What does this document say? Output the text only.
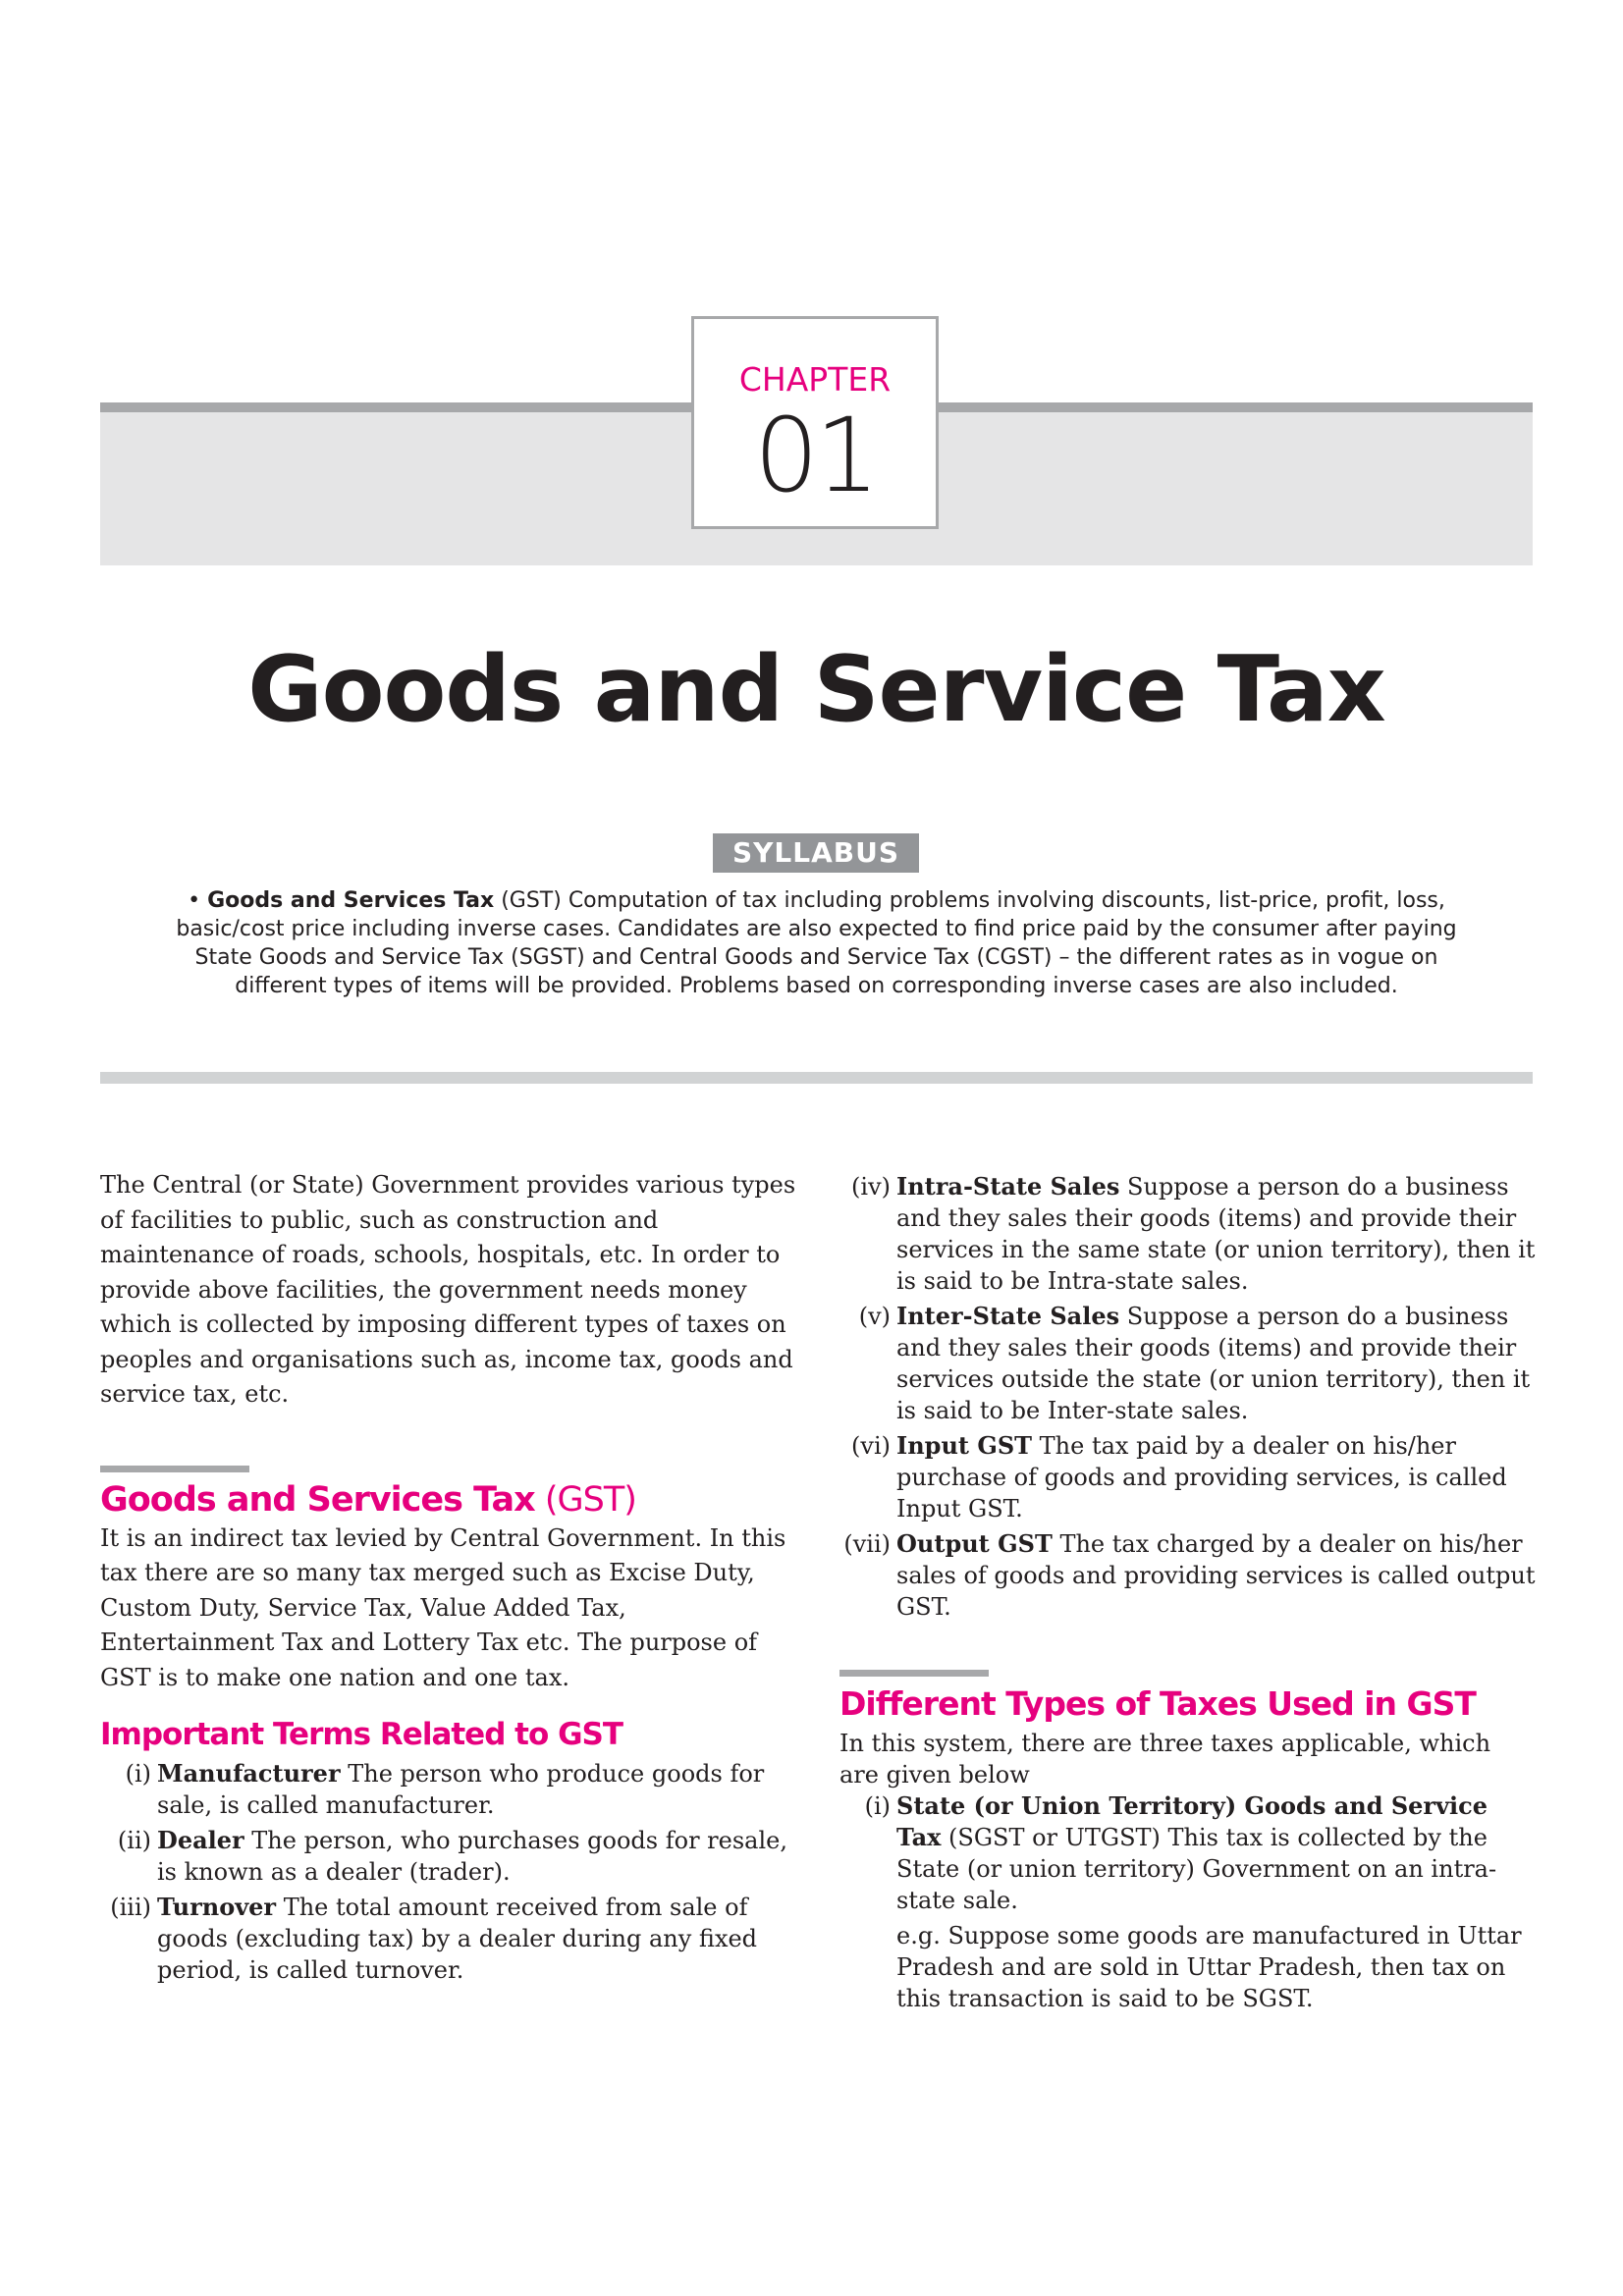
CHAPTER
01
Goods and Service Tax
SYLLABUS

• Goods and Services Tax (GST) Computation of tax including problems involving discounts, list-price, profit, loss, basic/cost price including inverse cases. Candidates are also expected to find price paid by the consumer after paying State Goods and Service Tax (SGST) and Central Goods and Service Tax (CGST) – the different rates as in vogue on different types of items will be provided. Problems based on corresponding inverse cases are also included.

The Central (or State) Government provides various types of facilities to public, such as construction and maintenance of roads, schools, hospitals, etc. In order to provide above facilities, the government needs money which is collected by imposing different types of taxes on peoples and organisations such as, income tax, goods and service tax, etc.

Goods and Services Tax (GST)

It is an indirect tax levied by Central Government. In this tax there are so many tax merged such as Excise Duty, Custom Duty, Service Tax, Value Added Tax, Entertainment Tax and Lottery Tax etc. The purpose of GST is to make one nation and one tax.

Important Terms Related to GST
(i) Manufacturer The person who produce goods for sale, is called manufacturer.
(ii) Dealer The person, who purchases goods for resale, is known as a dealer (trader).
(iii) Turnover The total amount received from sale of goods (excluding tax) by a dealer during any fixed period, is called turnover.
(iv) Intra-State Sales Suppose a person do a business and they sales their goods (items) and provide their services in the same state (or union territory), then it is said to be Intra-state sales.
(v) Inter-State Sales Suppose a person do a business and they sales their goods (items) and provide their services outside the state (or union territory), then it is said to be Inter-state sales.
(vi) Input GST The tax paid by a dealer on his/her purchase of goods and providing services, is called Input GST.
(vii) Output GST The tax charged by a dealer on his/her sales of goods and providing services is called output GST.
Different Types of Taxes Used in GST

In this system, there are three taxes applicable, which are given below

(i) State (or Union Territory) Goods and Service Tax (SGST or UTGST) This tax is collected by the State (or union territory) Government on an intra-state sale.

e.g. Suppose some goods are manufactured in Uttar Pradesh and are sold in Uttar Pradesh, then tax on this transaction is said to be SGST.
